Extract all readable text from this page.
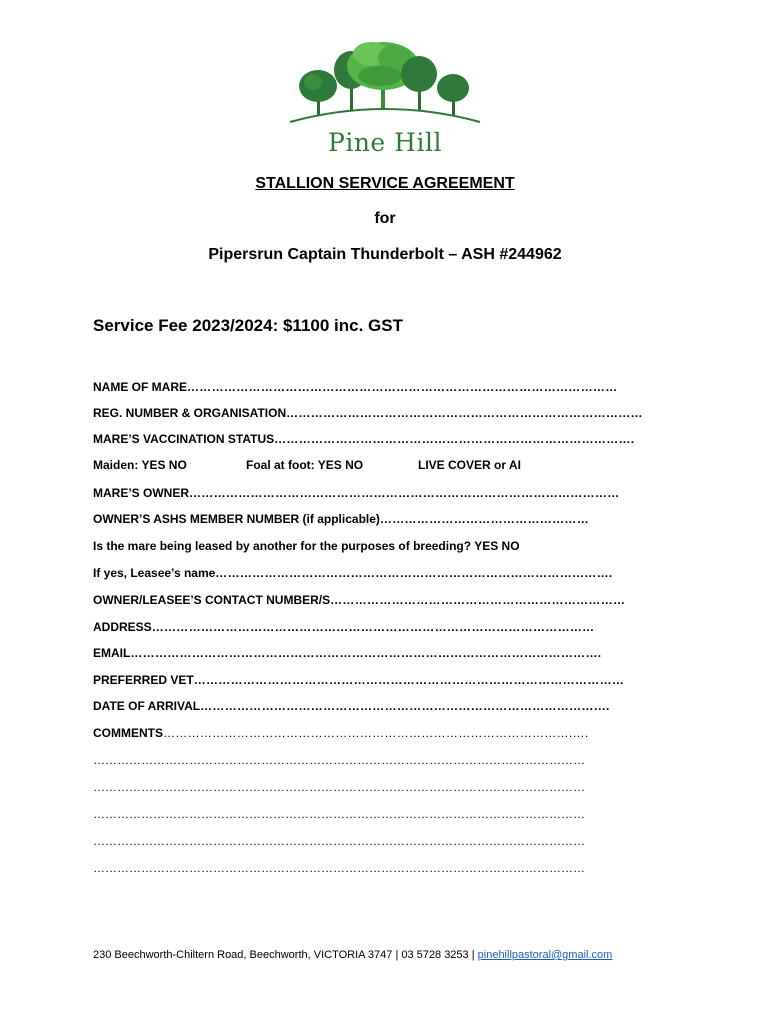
Pine Hill
STALLION SERVICE AGREEMENT
for
Pipersrun Captain Thunderbolt – ASH #244962
Service Fee 2023/2024: $1100 inc. GST
NAME OF MARE……………………………………………………………………………………………
REG. NUMBER & ORGANISATION……………………………………………………………………………
MARE’S VACCINATION STATUS…………………………………………………………………………….
Maiden: YES NO	Foal at foot: YES NO	LIVE COVER or AI
MARE’S OWNER……………………………………………………………………………………………
OWNER’S ASHS MEMBER NUMBER (if applicable)……………………………………………
Is the mare being leased by another for the purposes of breeding? YES NO
If yes, Leasee’s name…………………………………………………………………………………….
OWNER/LEASEE’S CONTACT NUMBER/S………………………………………………………………
ADDRESS………………………………………………………………………………………………
EMAIL…………………………………………………………………………………………………….
PREFERRED VET……………………………………………………………………………………………
DATE OF ARRIVAL……………………………………………………………………………………….
COMMENTS……………………………………………………………………………………….….
……………………………………………………………………………………………………………
……………………………………………………………………………………………………………
……………………………………………………………………………………………………………
……………………………………………………………………………………………………………
……………………………………………………………………………………………………………
230 Beechworth-Chiltern Road, Beechworth, VICTORIA 3747 | 03 5728 3253 | pinehillpastoral@gmail.com
